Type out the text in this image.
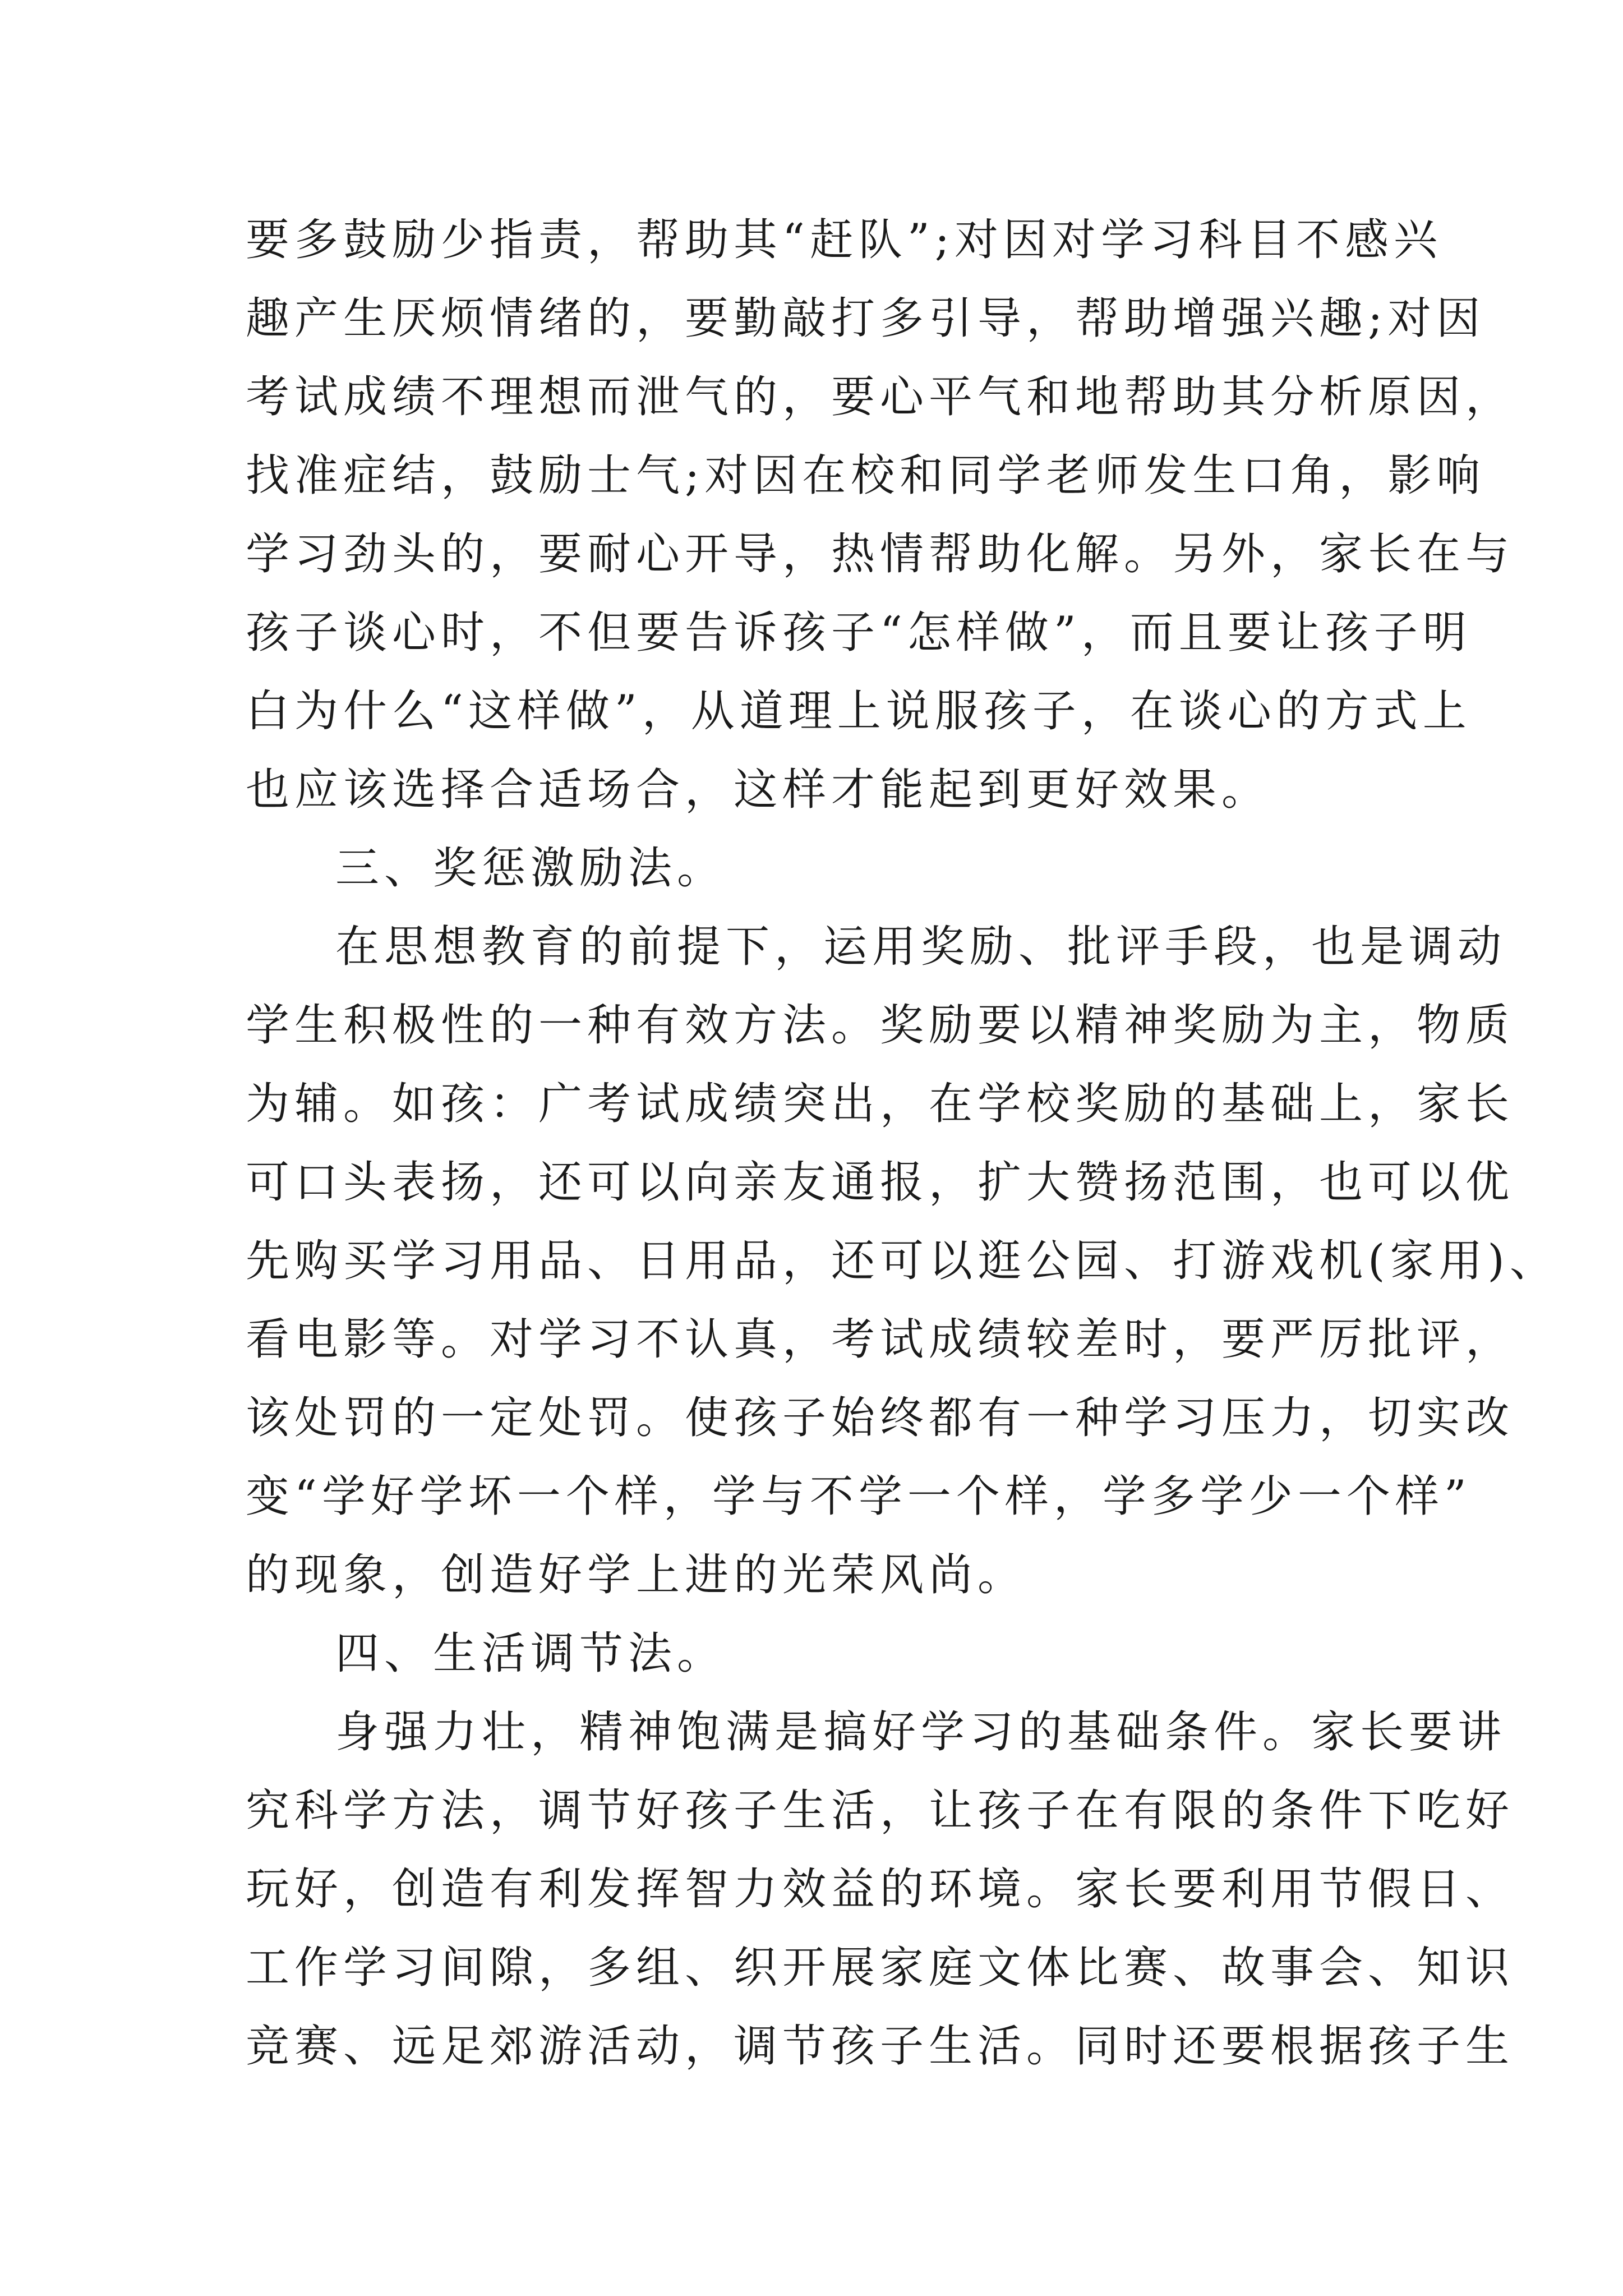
要多鼓励少指责，帮助其“赶队”;对因对学习科目不感兴
趣产生厌烦情绪的，要勤敲打多引导，帮助增强兴趣;对因
考试成绩不理想而泄气的，要心平气和地帮助其分析原因，
找准症结，鼓励士气;对因在校和同学老师发生口角，影响
学习劲头的，要耐心开导，热情帮助化解。另外，家长在与
孩子谈心时，不但要告诉孩子“怎样做”，而且要让孩子明
白为什么“这样做”，从道理上说服孩子，在谈心的方式上
也应该选择合适场合，这样才能起到更好效果。
三、奖惩激励法。
在思想教育的前提下，运用奖励、批评手段，也是调动
学生积极性的一种有效方法。奖励要以精神奖励为主，物质
为辅。如孩：广考试成绩突出，在学校奖励的基础上，家长
可口头表扬，还可以向亲友通报，扩大赞扬范围，也可以优
先购买学习用品、日用品，还可以逛公园、打游戏机(家用)、
看电影等。对学习不认真，考试成绩较差时，要严厉批评，
该处罚的一定处罚。使孩子始终都有一种学习压力，切实改
变“学好学坏一个样，学与不学一个样，学多学少一个样”
的现象，创造好学上进的光荣风尚。
四、生活调节法。
身强力壮，精神饱满是搞好学习的基础条件。家长要讲
究科学方法，调节好孩子生活，让孩子在有限的条件下吃好
玩好，创造有利发挥智力效益的环境。家长要利用节假日、
工作学习间隙，多组、织开展家庭文体比赛、故事会、知识
竞赛、远足郊游活动，调节孩子生活。同时还要根据孩子生
